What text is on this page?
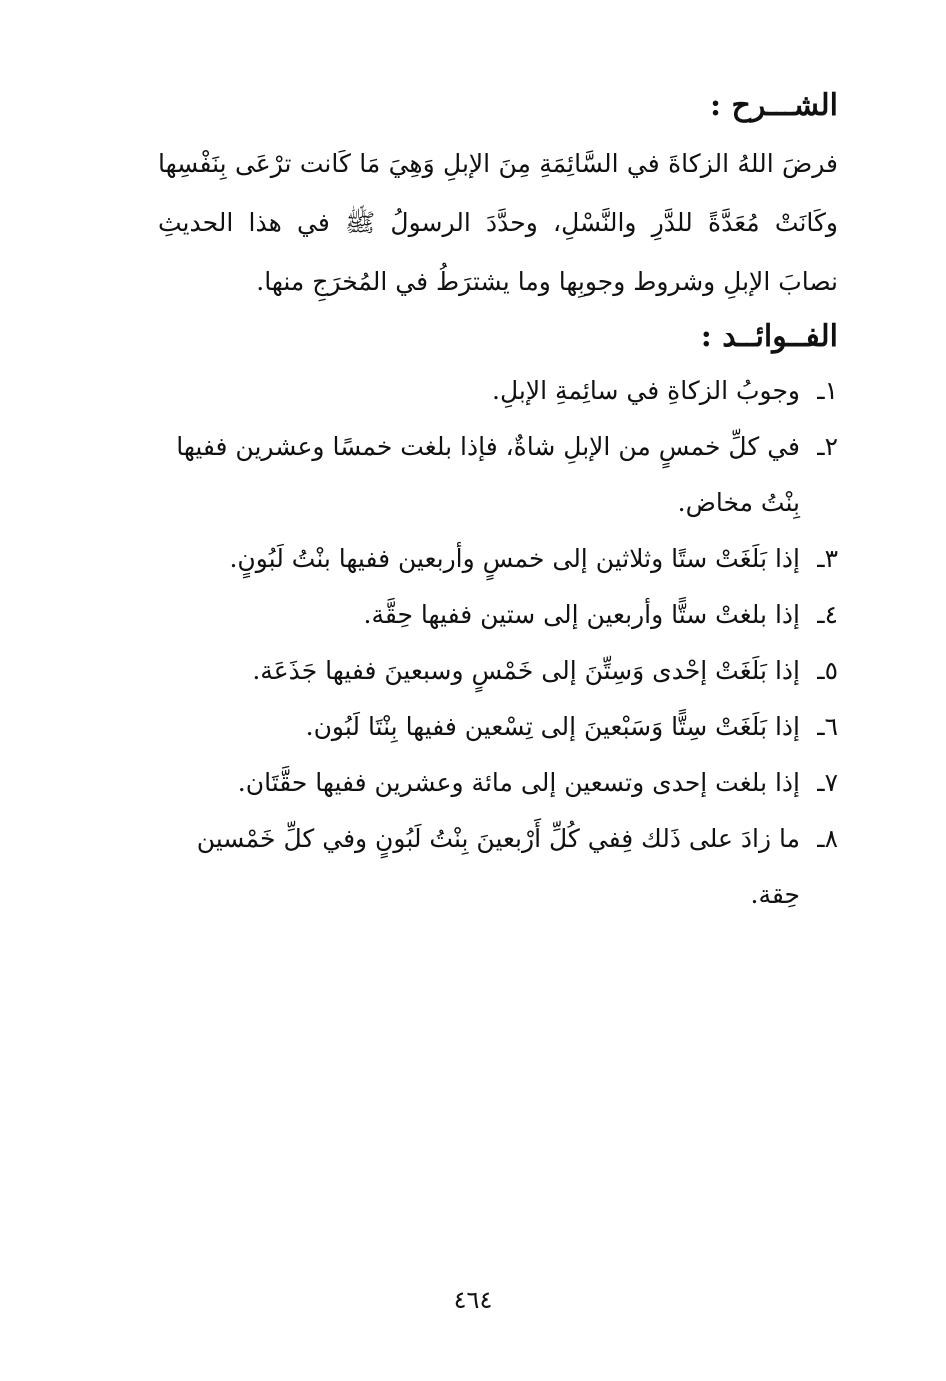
الشـــرح :

فرضَ اللهُ الزكاةَ في السَّائِمَةِ مِنَ الإبلِ وَهِيَ مَا كَانت ترْعَى بِنَفْسِها وكَانَتْ مُعَدَّةً للدَّرِ والنَّسْلِ، وحدَّدَ الرسولُ ﷺ في هذا الحديثِ نصابَ الإبلِ وشروط وجوبِها وما يشترَطُ في المُخرَجِ منها.

الفــوائــد :
١ـوجوبُ الزكاةِ في سائِمةِ الإبلِ.
٢ـفي كلِّ خمسٍ من الإبلِ شاةٌ، فإذا بلغت خمسًا وعشرين ففيها بِنْتُ مخاض.
٣ـإذا بَلَغَتْ ستًا وثلاثين إلى خمسٍ وأربعين ففيها بنْتُ لَبُونٍ.
٤ـإذا بلغتْ ستًّا وأربعين إلى ستين ففيها حِقَّة.
٥ـإذا بَلَغَتْ إحْدى وَسِتِّنَ إلى خَمْسٍ وسبعينَ ففيها جَذَعَة.
٦ـإذا بَلَغَتْ سِتًّا وَسَبْعينَ إلى تِسْعين ففيها بِنْتَا لَبُون.
٧ـإذا بلغت إحدى وتسعين إلى مائة وعشرين ففيها حقَّتَان.
٨ـما زادَ على ذَلك فِفي كُلِّ أَرْبعينَ بِنْتُ لَبُونٍ وفي كلِّ خَمْسين حِقة.
٤٦٤
